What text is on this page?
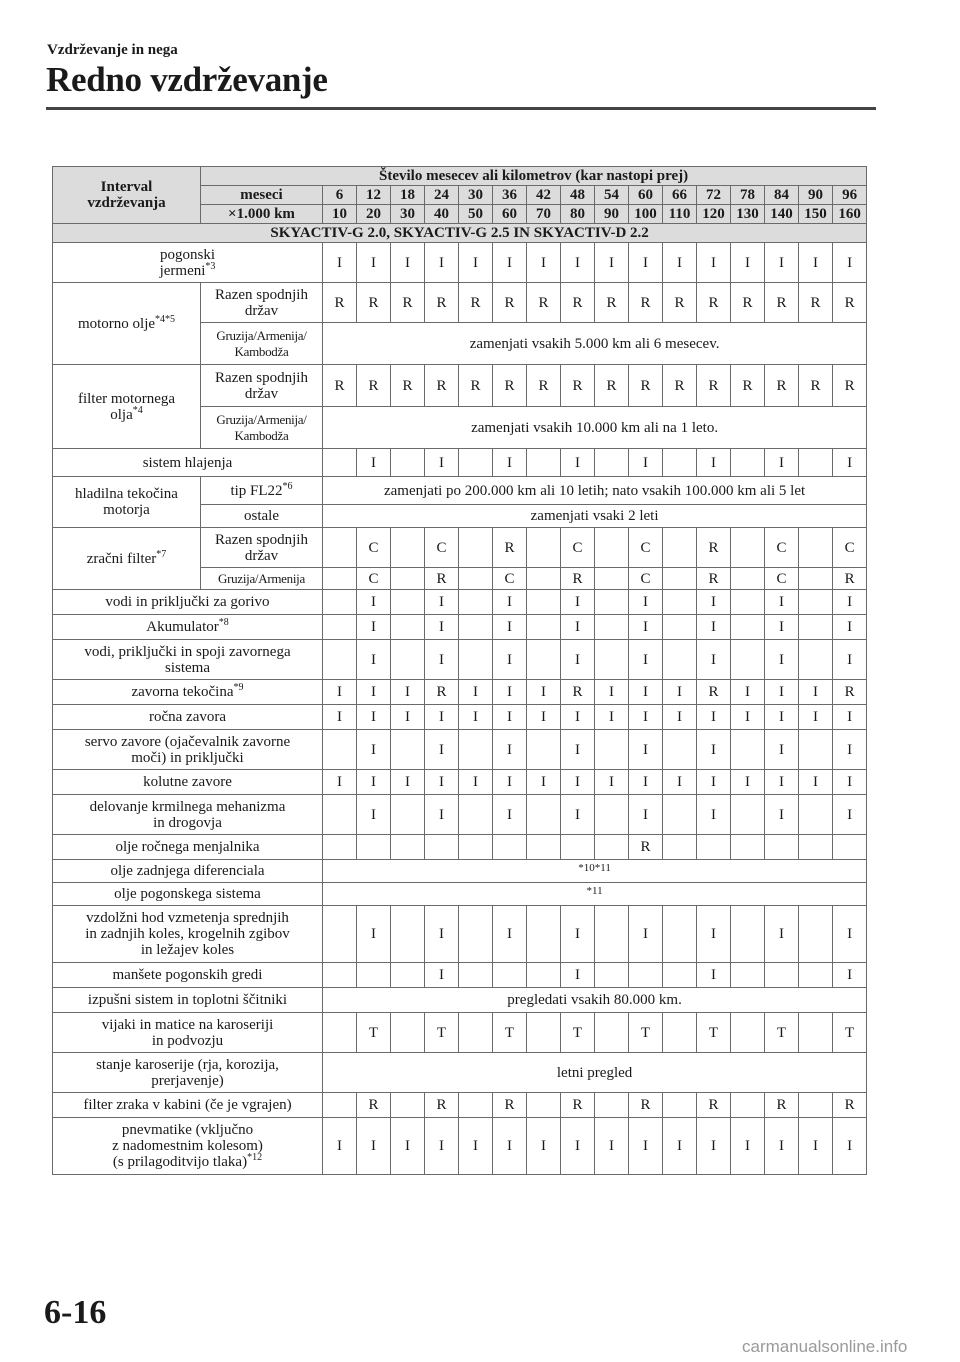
Vzdrževanje in nega
Redno vzdrževanje
Interval
vzdrževanja	Število mesecev ali kilometrov (kar nastopi prej)																
	meseci	6	12	18	24	30	36	42	48	54	60	66	72	78	84	90	96
	×1.000 km	10	20	30	40	50	60	70	80	90	100	110	120	130	140	150	160
SKYACTIV-G 2.0, SKYACTIV-G 2.5 IN SKYACTIV-D 2.2																	
pogonski
jermeni$^{*3}$		I	I	I	I	I	I	I	I	I	I	I	I	I	I	I	I
motorno olje$^{*4*5}$	Razen spodnjih
držav	R	R	R	R	R	R	R	R	R	R	R	R	R	R	R	R
	Gruzija/Armenija/
Kambodža	zamenjati vsakih 5.000 km ali 6 mesecev.															
filter motornega
olja$^{*4}$	Razen spodnjih
držav	R	R	R	R	R	R	R	R	R	R	R	R	R	R	R	R
	Gruzija/Armenija/
Kambodža	zamenjati vsakih 10.000 km ali na 1 leto.															
sistem hlajenja			I		I		I		I		I		I		I		I
hladilna tekočina
motorja	tip FL22$^{*6}$	zamenjati po 200.000 km ali 10 letih; nato vsakih 100.000 km ali 5 let															
	ostale	zamenjati vsaki 2 leti															
zračni filter$^{*7}$	Razen spodnjih
držav		C		C		R		C		C		R		C		C
	Gruzija/Armenija		C		R		C		R		C		R		C		R
vodi in priključki za gorivo			I		I		I		I		I		I		I		I
Akumulator$^{*8}$			I		I		I		I		I		I		I		I
vodi, priključki in spoji zavornega
sistema			I		I		I		I		I		I		I		I
zavorna tekočina$^{*9}$		I	I	I	R	I	I	I	R	I	I	I	R	I	I	I	R
ročna zavora		I	I	I	I	I	I	I	I	I	I	I	I	I	I	I	I
servo zavore (ojačevalnik zavorne
moči) in priključki			I		I		I		I		I		I		I		I
kolutne zavore		I	I	I	I	I	I	I	I	I	I	I	I	I	I	I	I
delovanje krmilnega mehanizma
in drogovja			I		I		I		I		I		I		I		I
olje ročnega menjalnika											R						
olje zadnjega diferenciala		*10*11															
olje pogonskega sistema		*11															
vzdolžni hod vzmetenja sprednjih
in zadnjih koles, krogelnih zgibov
in ležajev koles			I		I		I		I		I		I		I		I
manšete pogonskih gredi					I				I				I				I
izpušni sistem in toplotni ščitniki		pregledati vsakih 80.000 km.															
vijaki in matice na karoseriji
in podvozju			T		T		T		T		T		T		T		T
stanje karoserije (rja, korozija,
prerjavenje)		letni pregled															
filter zraka v kabini (če je vgrajen)			R		R		R		R		R		R		R		R
pnevmatike (vključno
z nadomestnim kolesom)
(s prilagoditvijo tlaka)$^{*12}$		I	I	I	I	I	I	I	I	I	I	I	I	I	I	I	I
6-16
carmanualsonline.info
